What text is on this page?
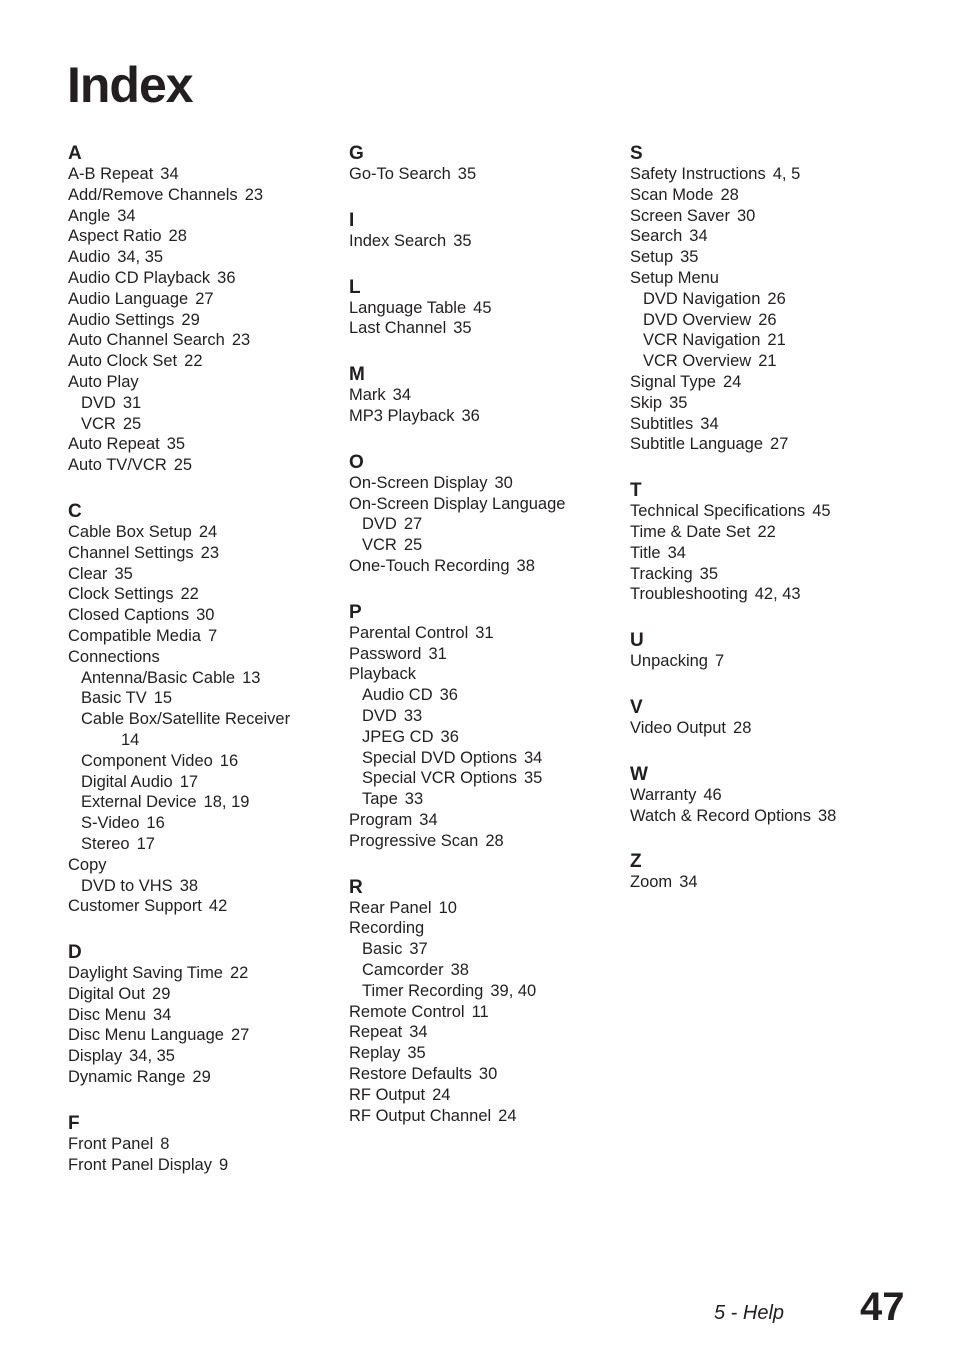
Index
A
A-B Repeat 34
Add/Remove Channels 23
Angle 34
Aspect Ratio 28
Audio 34, 35
Audio CD Playback 36
Audio Language 27
Audio Settings 29
Auto Channel Search 23
Auto Clock Set 22
Auto Play
DVD 31
VCR 25
Auto Repeat 35
Auto TV/VCR 25
C
Cable Box Setup 24
Channel Settings 23
Clear 35
Clock Settings 22
Closed Captions 30
Compatible Media 7
Connections
Antenna/Basic Cable 13
Basic TV 15
Cable Box/Satellite Receiver
14
Component Video 16
Digital Audio 17
External Device 18, 19
S-Video 16
Stereo 17
Copy
DVD to VHS 38
Customer Support 42
D
Daylight Saving Time 22
Digital Out 29
Disc Menu 34
Disc Menu Language 27
Display 34, 35
Dynamic Range 29
F
Front Panel 8
Front Panel Display 9
G
Go-To Search 35
I
Index Search 35
L
Language Table 45
Last Channel 35
M
Mark 34
MP3 Playback 36
O
On-Screen Display 30
On-Screen Display Language
DVD 27
VCR 25
One-Touch Recording 38
P
Parental Control 31
Password 31
Playback
Audio CD 36
DVD 33
JPEG CD 36
Special DVD Options 34
Special VCR Options 35
Tape 33
Program 34
Progressive Scan 28
R
Rear Panel 10
Recording
Basic 37
Camcorder 38
Timer Recording 39, 40
Remote Control 11
Repeat 34
Replay 35
Restore Defaults 30
RF Output 24
RF Output Channel 24
S
Safety Instructions 4, 5
Scan Mode 28
Screen Saver 30
Search 34
Setup 35
Setup Menu
DVD Navigation 26
DVD Overview 26
VCR Navigation 21
VCR Overview 21
Signal Type 24
Skip 35
Subtitles 34
Subtitle Language 27
T
Technical Specifications 45
Time & Date Set 22
Title 34
Tracking 35
Troubleshooting 42, 43
U
Unpacking 7
V
Video Output 28
W
Warranty 46
Watch & Record Options 38
Z
Zoom 34
5 - Help 47
